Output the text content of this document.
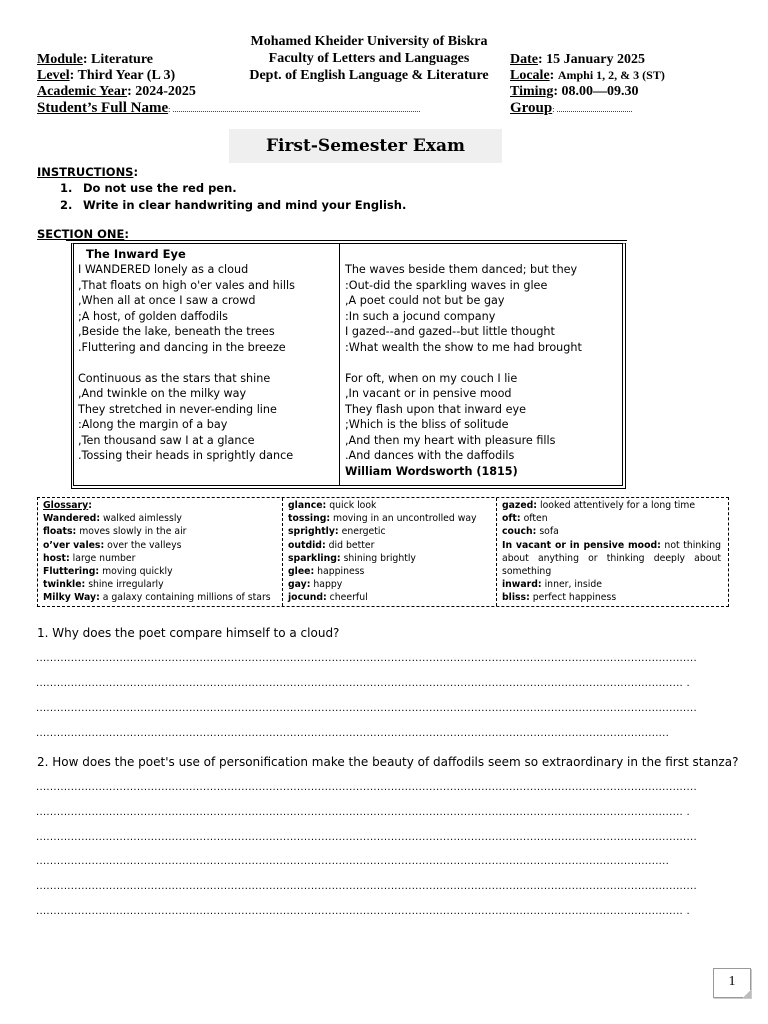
Module: Literature
Level: Third Year (L 3)
Academic Year: 2024-2025
Student’s Full Name: ............................................................................................................................
Mohamed Kheider University of Biskra
Faculty of Letters and Languages
Dept. of English Language & Literature
Date: 15 January 2025
Locale: Amphi 1, 2, & 3 (ST)
Timing: 08.00—09.30
Group: ......................................
First-Semester Exam
INSTRUCTIONS:
1. Do not use the red pen.
2. Write in clear handwriting and mind your English.
SECTION ONE:
The Inward Eye
I WANDERED lonely as a cloud
,That floats on high o'er vales and hills
,When all at once I saw a crowd
;A host, of golden daffodils
,Beside the lake, beneath the trees
.Fluttering and dancing in the breeze
Continuous as the stars that shine
,And twinkle on the milky way
They stretched in never-ending line
:Along the margin of a bay
,Ten thousand saw I at a glance
.Tossing their heads in sprightly dance
The waves beside them danced; but they
:Out-did the sparkling waves in glee
,A poet could not but be gay
:In such a jocund company
I gazed--and gazed--but little thought
:What wealth the show to me had brought
For oft, when on my couch I lie
,In vacant or in pensive mood
They flash upon that inward eye
;Which is the bliss of solitude
,And then my heart with pleasure fills
.And dances with the daffodils
William Wordsworth (1815)
Glossary:
Wandered: walked aimlessly
floats: moves slowly in the air
o’ver vales: over the valleys
host: large number
Fluttering: moving quickly
twinkle: shine irregularly
Milky Way: a galaxy containing millions of stars
glance: quick look
tossing: moving in an uncontrolled way
sprightly: energetic
outdid: did better
sparkling: shining brightly
glee: happiness
gay: happy
jocund: cheerful
gazed: looked attentively for a long time
oft: often
couch: sofa
In vacant or in pensive mood: not thinking about anything or thinking deeply about something
inward: inner, inside
bliss: perfect happiness
1. Why does the poet compare himself to a cloud?
..............................................................................................................................................................................................
.......................................................................................................................................................................................... .
..............................................................................................................................................................................................
......................................................................................................................................................................................
2. How does the poet's use of personification make the beauty of daffodils seem so extraordinary in the first stanza?
..............................................................................................................................................................................................
.......................................................................................................................................................................................... .
..............................................................................................................................................................................................
......................................................................................................................................................................................
..............................................................................................................................................................................................
.......................................................................................................................................................................................... .
1
